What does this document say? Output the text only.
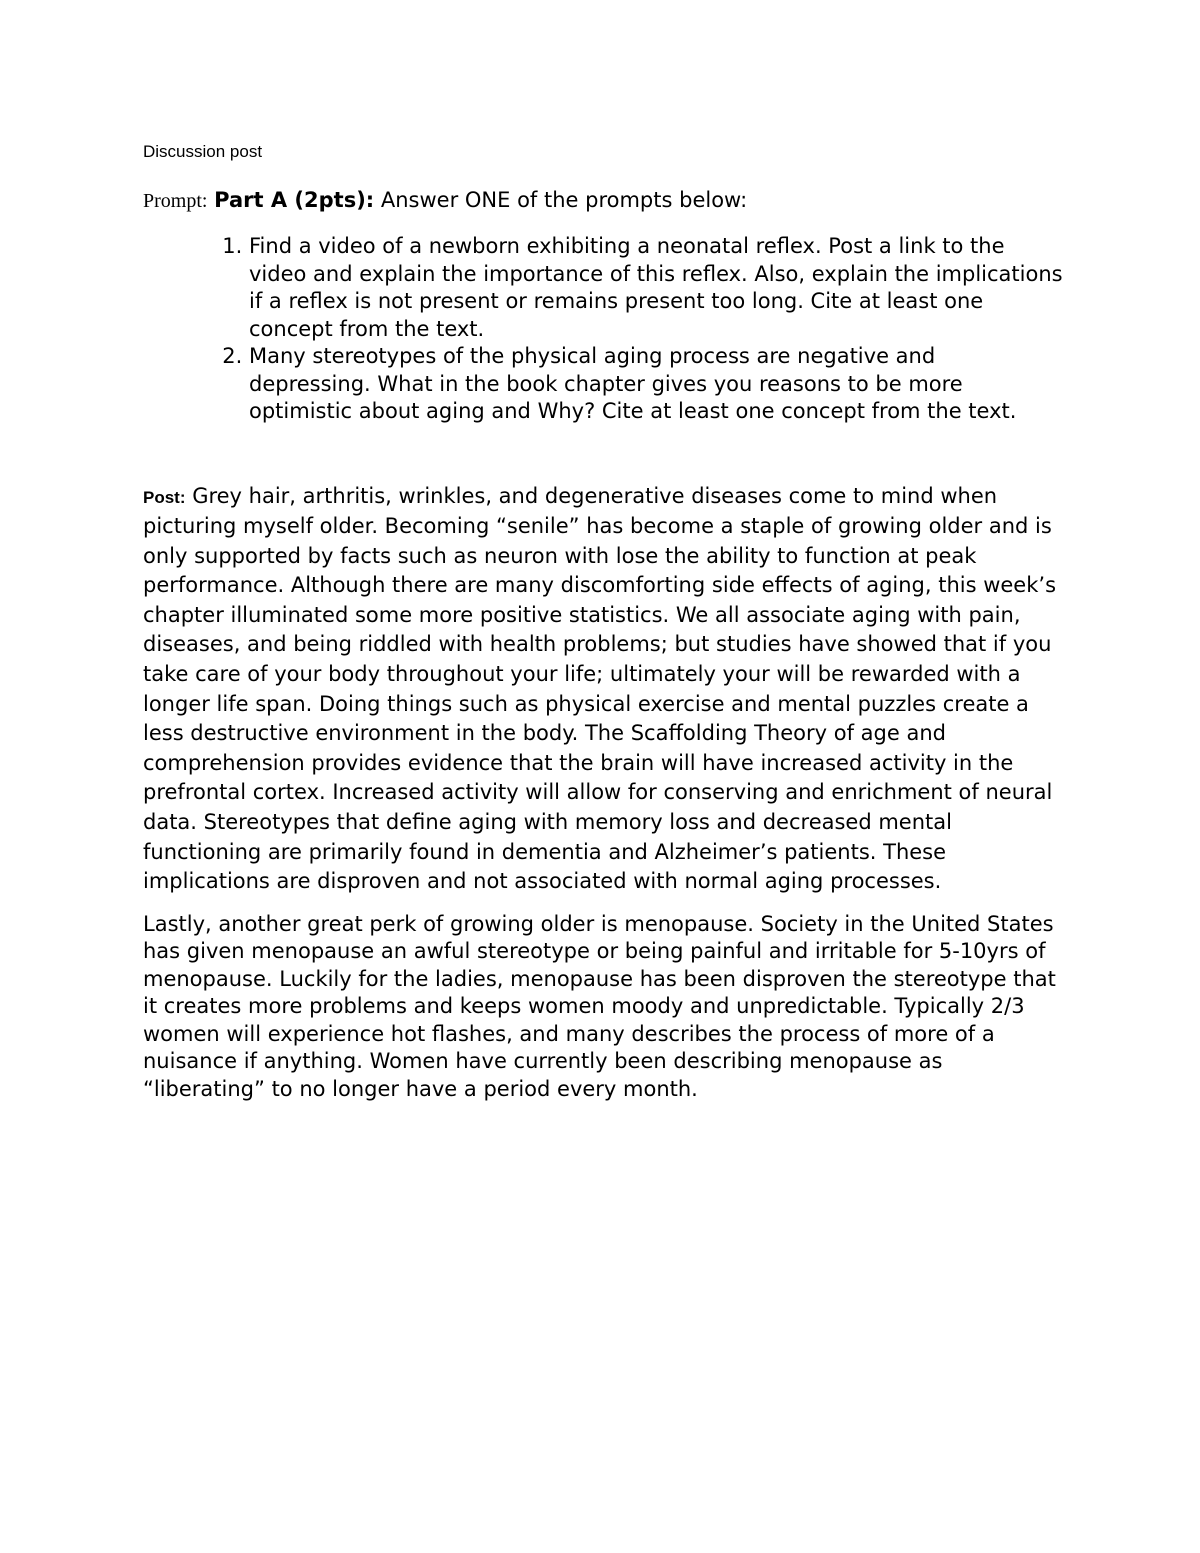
Discussion post
Prompt: Part A (2pts): Answer ONE of the prompts below:
1. Find a video of a newborn exhibiting a neonatal reflex. Post a link to the video and explain the importance of this reflex. Also, explain the implications if a reflex is not present or remains present too long. Cite at least one concept from the text.
2. Many stereotypes of the physical aging process are negative and depressing. What in the book chapter gives you reasons to be more optimistic about aging and Why? Cite at least one concept from the text.

Post: Grey hair, arthritis, wrinkles, and degenerative diseases come to mind when picturing myself older. Becoming “senile” has become a staple of growing older and is only supported by facts such as neuron with lose the ability to function at peak performance. Although there are many discomforting side effects of aging, this week’s chapter illuminated some more positive statistics. We all associate aging with pain, diseases, and being riddled with health problems; but studies have showed that if you take care of your body throughout your life; ultimately your will be rewarded with a longer life span. Doing things such as physical exercise and mental puzzles create a less destructive environment in the body. The Scaffolding Theory of age and comprehension provides evidence that the brain will have increased activity in the prefrontal cortex. Increased activity will allow for conserving and enrichment of neural data. Stereotypes that define aging with memory loss and decreased mental functioning are primarily found in dementia and Alzheimer’s patients. These implications are disproven and not associated with normal aging processes.

Lastly, another great perk of growing older is menopause. Society in the United States has given menopause an awful stereotype or being painful and irritable for 5-10yrs of menopause. Luckily for the ladies, menopause has been disproven the stereotype that it creates more problems and keeps women moody and unpredictable. Typically 2/3 women will experience hot flashes, and many describes the process of more of a nuisance if anything. Women have currently been describing menopause as “liberating” to no longer have a period every month.
